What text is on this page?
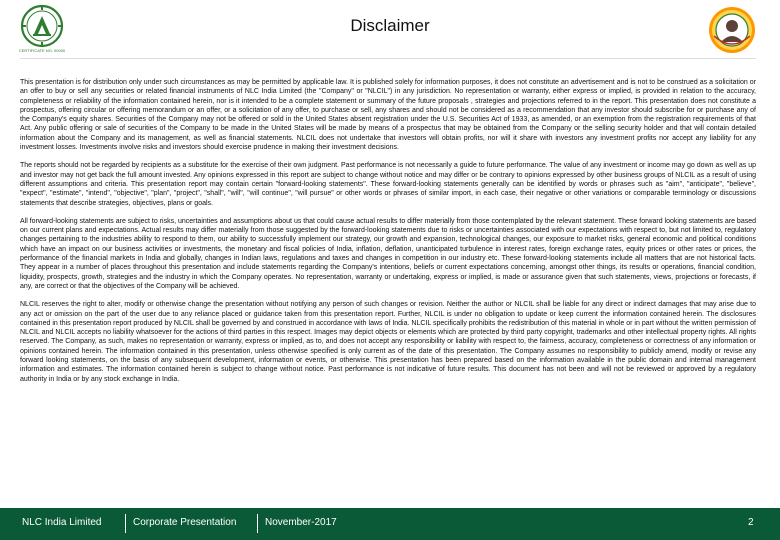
CERTIFICATE NO. 00000
Disclaimer

This presentation is for distribution only under such circumstances as may be permitted by applicable law. It is published solely for information purposes, it does not constitute an advertisement and is not to be construed as a solicitation or an offer to buy or sell any securities or related financial instruments of NLC India Limited (the "Company" or "NLCIL") in any jurisdiction. No representation or warranty, either express or implied, is provided in relation to the accuracy, completeness or reliability of the information contained herein, nor is it intended to be a complete statement or summary of the future proposals , strategies and projections referred to in the report. This presentation does not constitute a prospectus, offering circular or offering memorandum or an offer, or a solicitation of any offer, to purchase or sell, any shares and should not be considered as a recommendation that any investor should subscribe for or purchase any of the Company's equity shares. Securities of the Company may not be offered or sold in the United States absent registration under the U.S. Securities Act of 1933, as amended, or an exemption from the registration requirements of that Act. Any public offering or sale of securities of the Company to be made in the United States will be made by means of a prospectus that may be obtained from the Company or the selling security holder and that will contain detailed information about the Company and its management, as well as financial statements. NLCIL does not undertake that investors will obtain profits, nor will it share with investors any investment profits nor accept any liability for any investment losses. Investments involve risks and investors should exercise prudence in making their investment decisions.

The reports should not be regarded by recipients as a substitute for the exercise of their own judgment. Past performance is not necessarily a guide to future performance. The value of any investment or income may go down as well as up and investor may not get back the full amount invested. Any opinions expressed in this report are subject to change without notice and may differ or be contrary to opinions expressed by other business groups of NLCIL as a result of using different assumptions and criteria. This presentation report may contain certain "forward-looking statements". These forward-looking statements generally can be identified by words or phrases such as "aim", "anticipate", "believe", "expect", "estimate", "intend", "objective", "plan", "project", "shall", "will", "will continue", "will pursue" or other words or phrases of similar import, in each case, their negative or other variations or comparable terminology or discussions statements that describe strategies, objectives, plans or goals.

All forward-looking statements are subject to risks, uncertainties and assumptions about us that could cause actual results to differ materially from those contemplated by the relevant statement. These forward looking statements are based on our current plans and expectations. Actual results may differ materially from those suggested by the forward-looking statements due to risks or uncertainties associated with our expectations with respect to, but not limited to, regulatory changes pertaining to the industries ability to respond to them, our ability to successfully implement our strategy, our growth and expansion, technological changes, our exposure to market risks, general economic and political conditions which have an impact on our business activities or investments, the monetary and fiscal policies of India, inflation, deflation, unanticipated turbulence in interest rates, foreign exchange rates, equity prices or other rates or prices, the performance of the financial markets in India and globally, changes in Indian laws, regulations and taxes and changes in competition in our industry etc. These forward-looking statements include all matters that are not historical facts. They appear in a number of places throughout this presentation and include statements regarding the Company's intentions, beliefs or current expectations concerning, amongst other things, its results or operations, financial condition, liquidity, prospects, growth, strategies and the industry in which the Company operates. No representation, warranty or undertaking, express or implied, is made or assurance given that such statements, views, projections or forecasts, if any, are correct or that the objectives of the Company will be achieved.

NLCIL reserves the right to alter, modify or otherwise change the presentation without notifying any person of such changes or revision. Neither the author or NLCIL shall be liable for any direct or indirect damages that may arise due to any act or omission on the part of the user due to any reliance placed or guidance taken from this presentation report. Further, NLCIL is under no obligation to update or keep current the information contained herein. The disclosures contained in this presentation report produced by NLCIL shall be governed by and construed in accordance with laws of India. NLCIL specifically prohibits the redistribution of this material in whole or in part without the written permission of NLCIL and NLCIL accepts no liability whatsoever for the actions of third parties in this respect. Images may depict objects or elements which are protected by third party copyright, trademarks and other intellectual property rights. All rights reserved. The Company, as such, makes no representation or warranty, express or implied, as to, and does not accept any responsibility or liability with respect to, the fairness, accuracy, completeness or correctness of any information or opinions contained herein. The information contained in this presentation, unless otherwise specified is only current as of the date of this presentation. The Company assumes no responsibility to publicly amend, modify or revise any forward looking statements, on the basis of any subsequent development, information or events, or otherwise. This presentation has been prepared based on the information available in the public domain and internal management information and estimates. The information contained herein is subject to change without notice. Past performance is not indicative of future results. This document has not been and will not be reviewed or approved by a regulatory authority in India or by any stock exchange in India.

NLC India Limited	Corporate Presentation	November-2017	2
